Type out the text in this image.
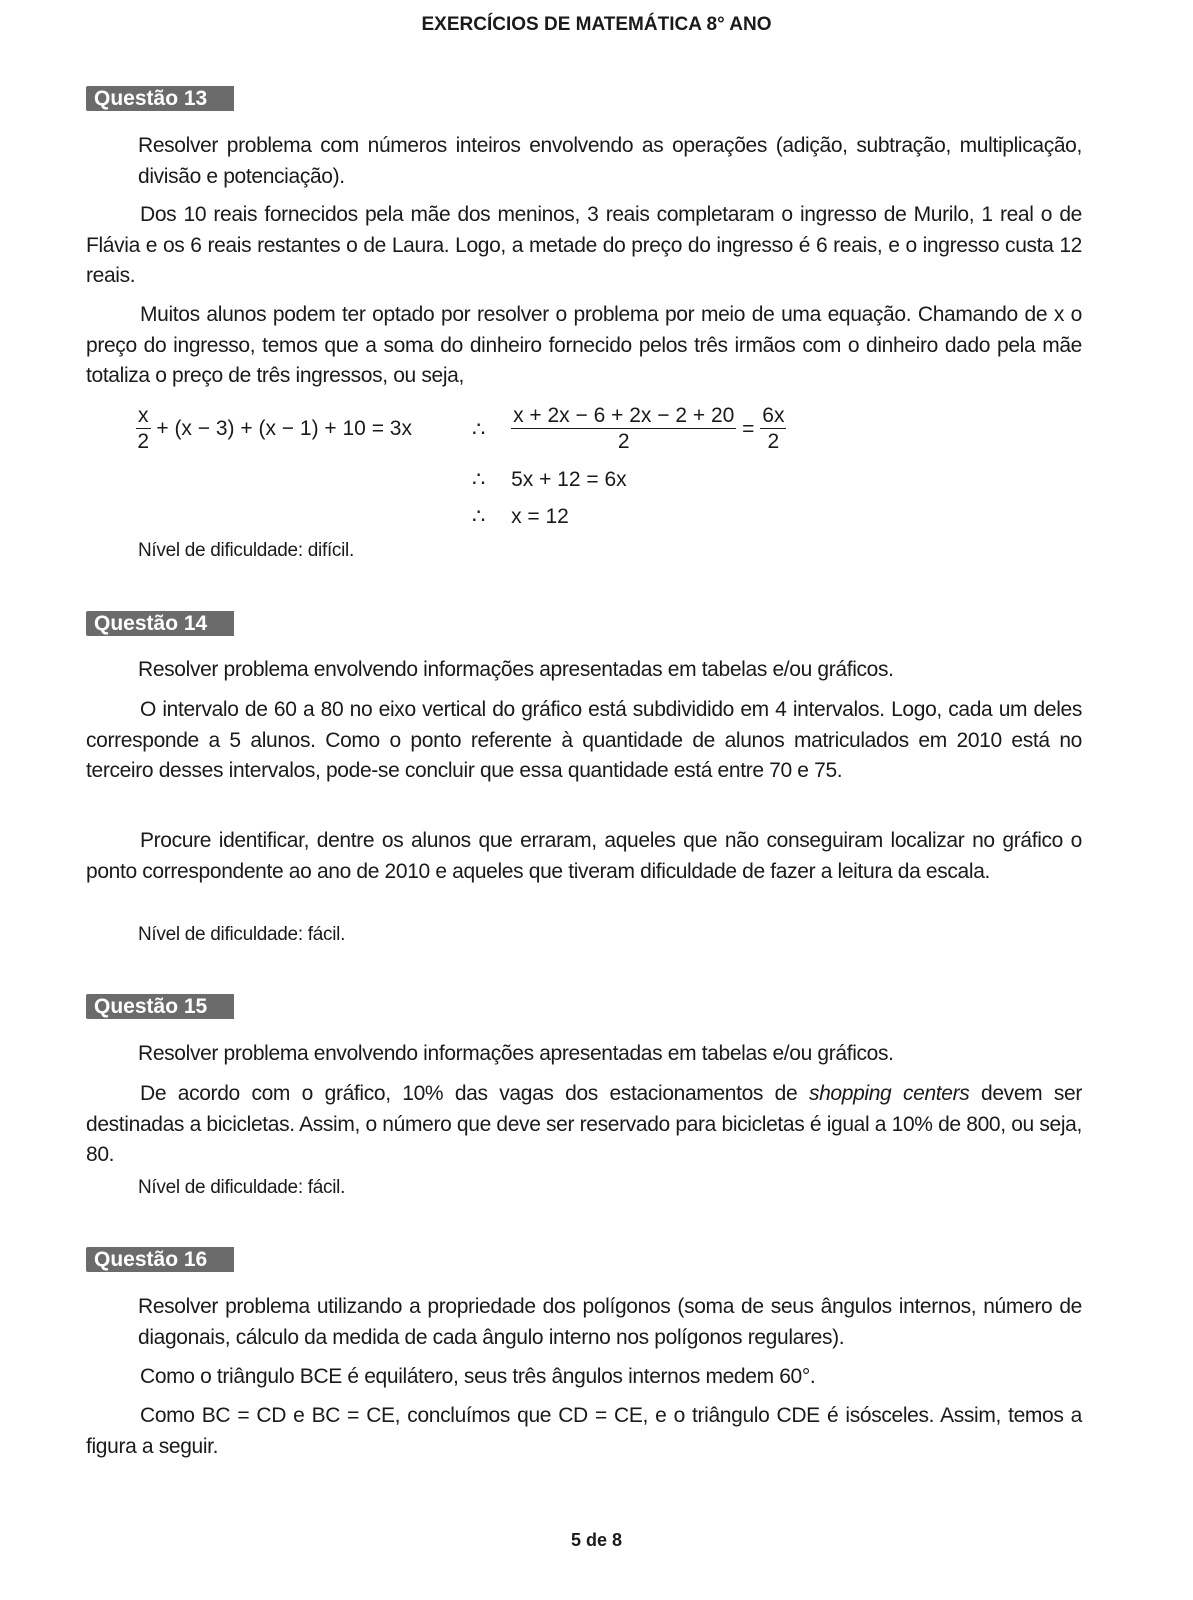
EXERCÍCIOS DE MATEMÁTICA 8° ANO
Questão 13
Resolver problema com números inteiros envolvendo as operações (adição, subtração, multiplicação, divisão e potenciação).
Dos 10 reais fornecidos pela mãe dos meninos, 3 reais completaram o ingresso de Murilo, 1 real o de Flávia e os 6 reais restantes o de Laura. Logo, a metade do preço do ingresso é 6 reais, e o ingresso custa 12 reais.
Muitos alunos podem ter optado por resolver o problema por meio de uma equação. Chamando de x o preço do ingresso, temos que a soma do dinheiro fornecido pelos três irmãos com o dinheiro dado pela mãe totaliza o preço de três ingressos, ou seja,
$\frac{x}{2} + (x - 3) + (x - 1) + 10 = 3x$	∴ $\frac{x + 2x - 6 + 2x - 2 + 20}{2} = \frac{6x}{2}$
∴ 5x + 12 = 6x
∴ x = 12
Nível de dificuldade: difícil.
Questão 14
Resolver problema envolvendo informações apresentadas em tabelas e/ou gráficos.
O intervalo de 60 a 80 no eixo vertical do gráfico está subdividido em 4 intervalos. Logo, cada um deles corresponde a 5 alunos. Como o ponto referente à quantidade de alunos matriculados em 2010 está no terceiro desses intervalos, pode-se concluir que essa quantidade está entre 70 e 75.
Procure identificar, dentre os alunos que erraram, aqueles que não conseguiram localizar no gráfico o ponto correspondente ao ano de 2010 e aqueles que tiveram dificuldade de fazer a leitura da escala.
Nível de dificuldade: fácil.
Questão 15
Resolver problema envolvendo informações apresentadas em tabelas e/ou gráficos.
De acordo com o gráfico, 10% das vagas dos estacionamentos de shopping centers devem ser destinadas a bicicletas. Assim, o número que deve ser reservado para bicicletas é igual a 10% de 800, ou seja, 80.
Nível de dificuldade: fácil.
Questão 16
Resolver problema utilizando a propriedade dos polígonos (soma de seus ângulos internos, número de diagonais, cálculo da medida de cada ângulo interno nos polígonos regulares).
Como o triângulo BCE é equilátero, seus três ângulos internos medem 60°.
Como BC = CD e BC = CE, concluímos que CD = CE, e o triângulo CDE é isósceles. Assim, temos a figura a seguir.
5 de 8
